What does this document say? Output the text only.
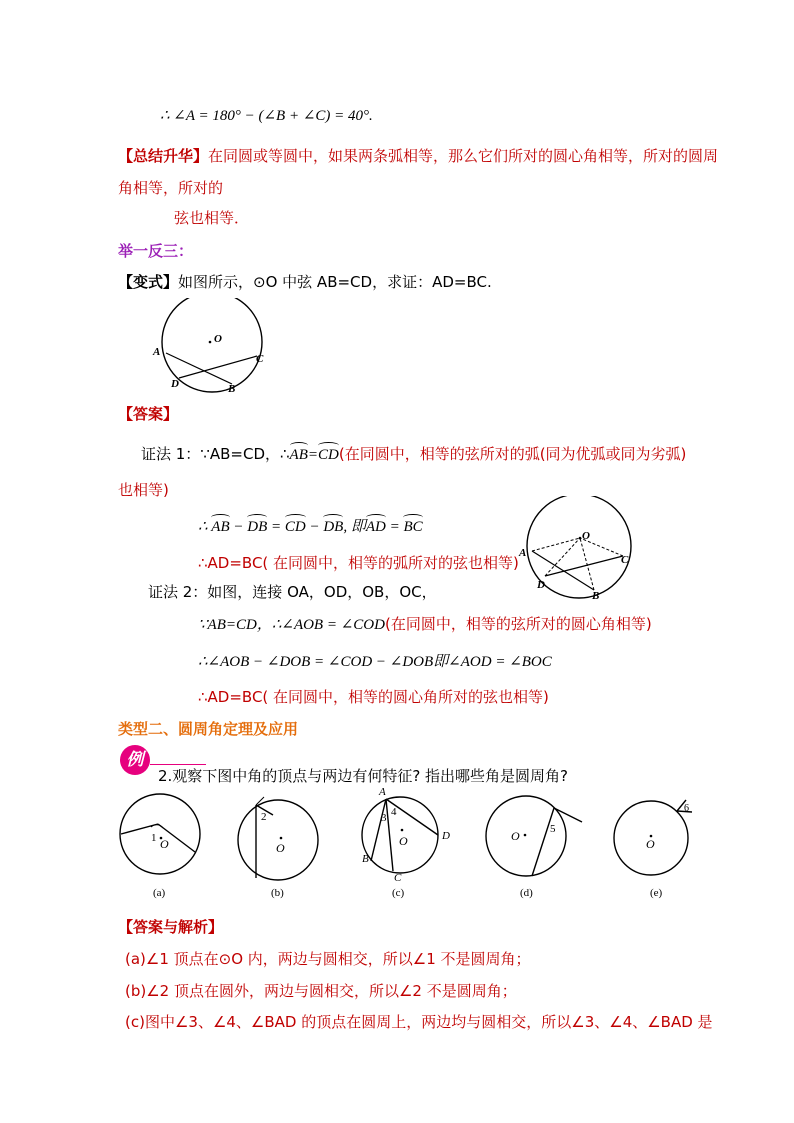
∴ ∠A = 180° − (∠B + ∠C) = 40°.
【总结升华】在同圆或等圆中，如果两条弧相等，那么它们所对的圆心角相等，所对的圆周
角相等，所对的
弦也相等．
举一反三：
【变式】如图所示，⊙O 中弦 AB=CD，求证：AD=BC.
O
A
C
D	B
【答案】
证法 1：∵AB=CD，∴AB=CD(在同圆中，相等的弦所对的弧(同为优弧或同为劣弧)
也相等)
∴ AB − DB = CD − DB, 即AD = BC
∴AD=BC( 在同圆中，相等的弧所对的弦也相等)
O
A
C
D
B
证法 2：如图，连接 OA，OD，OB，OC，
∵AB=CD，∴∠AOB = ∠COD(在同圆中，相等的弦所对的圆心角相等)
∴∠AOB − ∠DOB = ∠COD − ∠DOB即∠AOD = ∠BOC
∴AD=BC( 在同圆中，相等的圆心角所对的弦也相等)
类型二、圆周角定理及应用
例
2.观察下图中角的顶点与两边有何特征? 指出哪些角是圆周角?
1 O
(a)
2
O
(b)
A
3 4
B
C
D
O
(c)
5
O
(d)
6
O
(e)
【答案与解析】
(a)∠1 顶点在⊙O 内，两边与圆相交，所以∠1 不是圆周角；
(b)∠2 顶点在圆外，两边与圆相交，所以∠2 不是圆周角；
(c)图中∠3、∠4、∠BAD 的顶点在圆周上，两边均与圆相交，所以∠3、∠4、∠BAD 是
